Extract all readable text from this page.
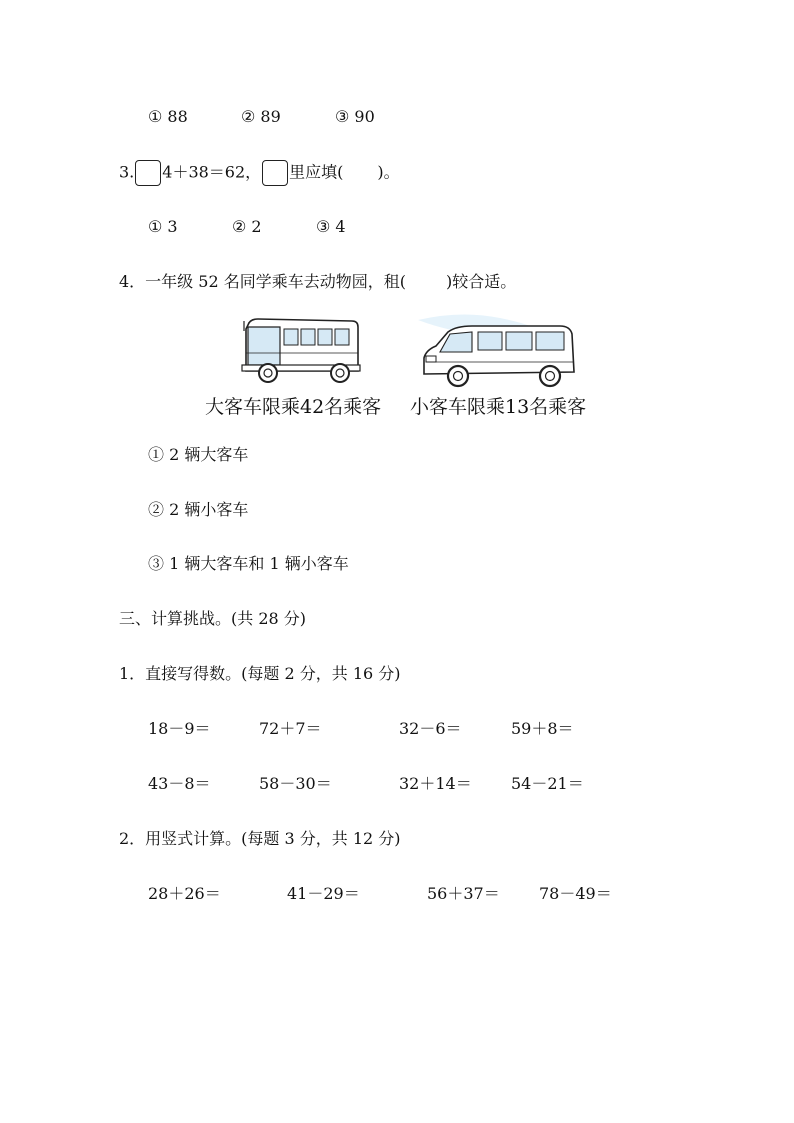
① 88	② 89	③ 90
3. 4＋38＝62， 里应填( )。
① 3	② 2	③ 4
4．一年级 52 名同学乘车去动物园，租(	)较合适。
大客车限乘42名乘客 小客车限乘13名乘客
① 2 辆大客车
② 2 辆小客车
③ 1 辆大客车和 1 辆小客车
三、计算挑战。(共 28 分)
1．直接写得数。(每题 2 分，共 16 分)
18－9＝	72＋7＝	32－6＝	59＋8＝
43－8＝	58－30＝	32＋14＝ 54－21＝
2．用竖式计算。(每题 3 分，共 12 分)
28＋26＝	41－29＝	56＋37＝ 78－49＝
